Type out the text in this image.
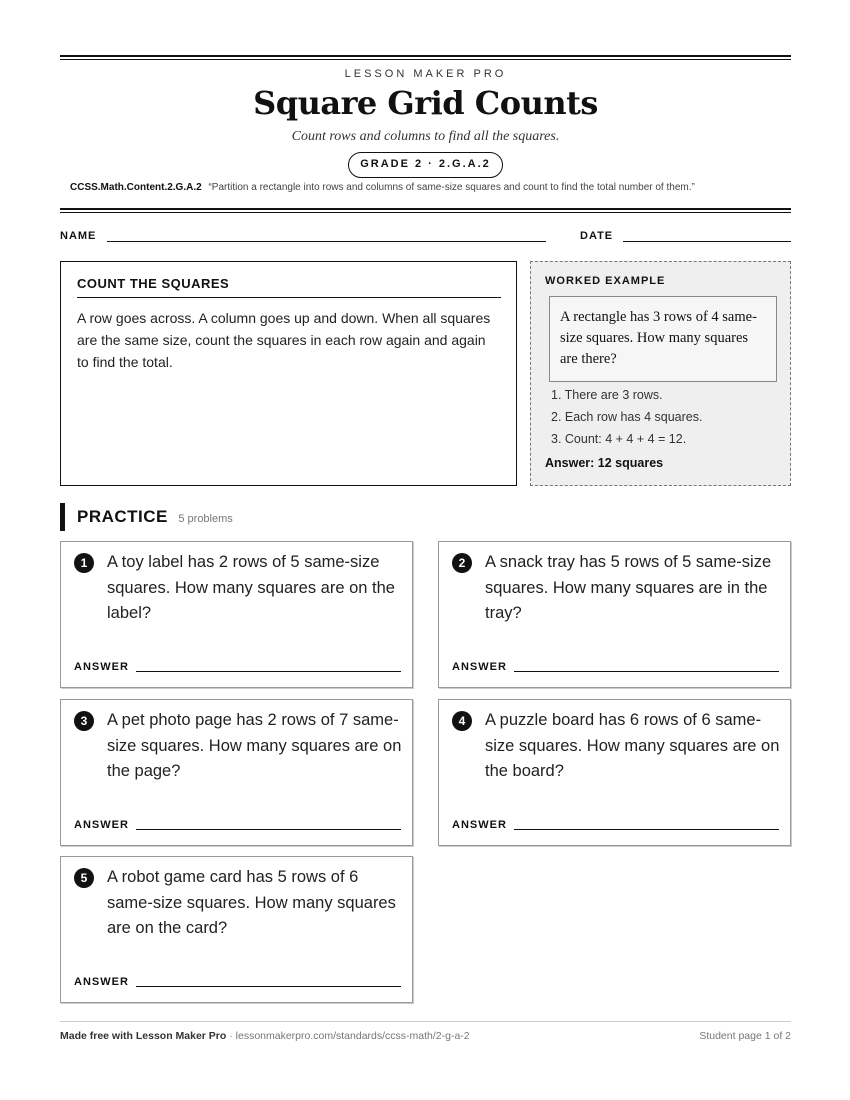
LESSON MAKER PRO
Square Grid Counts
Count rows and columns to find all the squares.
GRADE 2 · 2.G.A.2
CCSS.Math.Content.2.G.A.2 “Partition a rectangle into rows and columns of same-size squares and count to find the total number of them.”
NAME	DATE
COUNT THE SQUARES
A row goes across. A column goes up and down. When all squares are the same size, count the squares in each row again and again to find the total.
WORKED EXAMPLE
A rectangle has 3 rows of 4 same-size squares. How many squares are there?
1. There are 3 rows.
2. Each row has 4 squares.
3. Count: 4 + 4 + 4 = 12.
Answer: 12 squares
PRACTICE 5 problems
1	A toy label has 2 rows of 5 same-size squares. How many squares are on the label?
ANSWER
2	A snack tray has 5 rows of 5 same-size squares. How many squares are in the tray?
ANSWER
3	A pet photo page has 2 rows of 7 same-size squares. How many squares are on the page?
ANSWER
4	A puzzle board has 6 rows of 6 same-size squares. How many squares are on the board?
ANSWER
5	A robot game card has 5 rows of 6 same-size squares. How many squares are on the card?
ANSWER
Made free with Lesson Maker Pro · lessonmakerpro.com/standards/ccss-math/2-g-a-2	Student page 1 of 2
